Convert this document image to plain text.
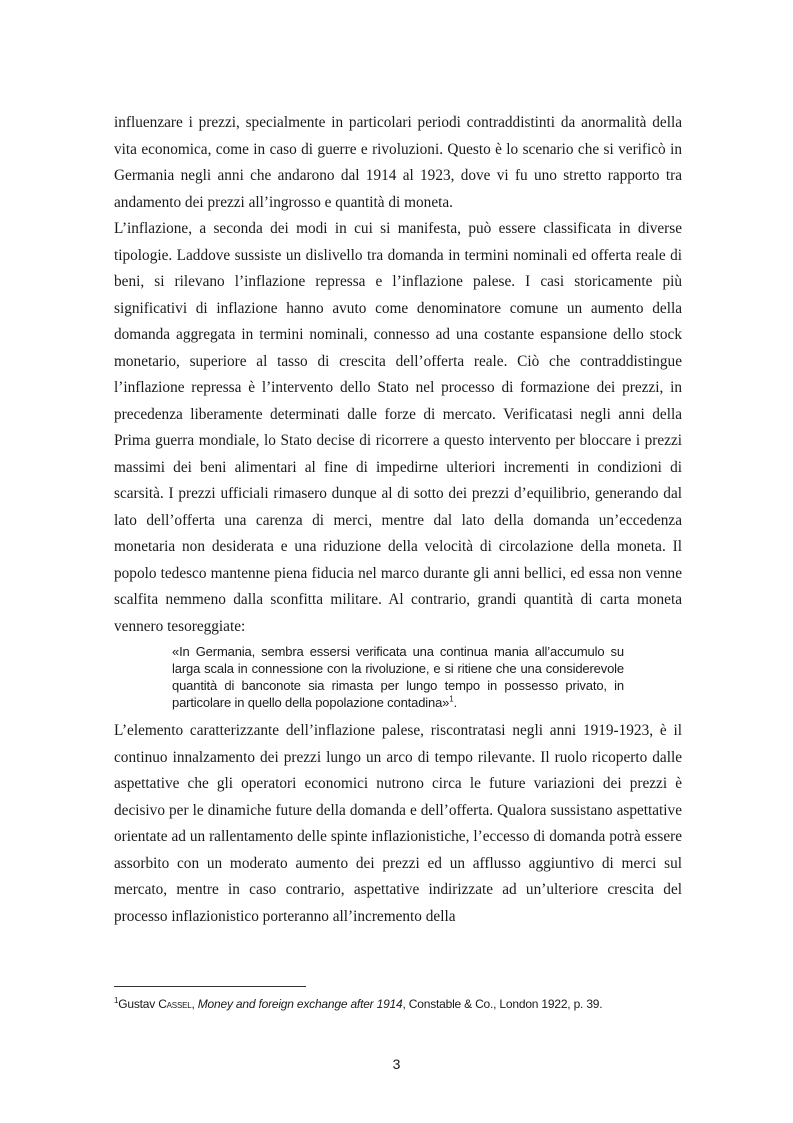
influenzare i prezzi, specialmente in particolari periodi contraddistinti da anormalità della vita economica, come in caso di guerre e rivoluzioni. Questo è lo scenario che si verificò in Germania negli anni che andarono dal 1914 al 1923, dove vi fu uno stretto rapporto tra andamento dei prezzi all’ingrosso e quantità di moneta.

L’inflazione, a seconda dei modi in cui si manifesta, può essere classificata in diverse tipologie. Laddove sussiste un dislivello tra domanda in termini nominali ed offerta reale di beni, si rilevano l’inflazione repressa e l’inflazione palese. I casi storicamente più significativi di inflazione hanno avuto come denominatore comune un aumento della domanda aggregata in termini nominali, connesso ad una costante espansione dello stock monetario, superiore al tasso di crescita dell’offerta reale. Ciò che contraddistingue l’inflazione repressa è l’intervento dello Stato nel processo di formazione dei prezzi, in precedenza liberamente determinati dalle forze di mercato. Verificatasi negli anni della Prima guerra mondiale, lo Stato decise di ricorrere a questo intervento per bloccare i prezzi massimi dei beni alimentari al fine di impedirne ulteriori incrementi in condizioni di scarsità. I prezzi ufficiali rimasero dunque al di sotto dei prezzi d’equilibrio, generando dal lato dell’offerta una carenza di merci, mentre dal lato della domanda un’eccedenza monetaria non desiderata e una riduzione della velocità di circolazione della moneta. Il popolo tedesco mantenne piena fiducia nel marco durante gli anni bellici, ed essa non venne scalfita nemmeno dalla sconfitta militare. Al contrario, grandi quantità di carta moneta vennero tesoreggiate:

«In Germania, sembra essersi verificata una continua mania all’accumulo su larga scala in connessione con la rivoluzione, e si ritiene che una considerevole quantità di banconote sia rimasta per lungo tempo in possesso privato, in particolare in quello della popolazione contadina»$^1$.

L’elemento caratterizzante dell’inflazione palese, riscontratasi negli anni 1919-1923, è il continuo innalzamento dei prezzi lungo un arco di tempo rilevante. Il ruolo ricoperto dalle aspettative che gli operatori economici nutrono circa le future variazioni dei prezzi è decisivo per le dinamiche future della domanda e dell’offerta. Qualora sussistano aspettative orientate ad un rallentamento delle spinte inflazionistiche, l’eccesso di domanda potrà essere assorbito con un moderato aumento dei prezzi ed un afflusso aggiuntivo di merci sul mercato, mentre in caso contrario, aspettative indirizzate ad un’ulteriore crescita del processo inflazionistico porteranno all’incremento della

$^1$Gustav Cassel, Money and foreign exchange after 1914, Constable & Co., London 1922, p. 39.
3
